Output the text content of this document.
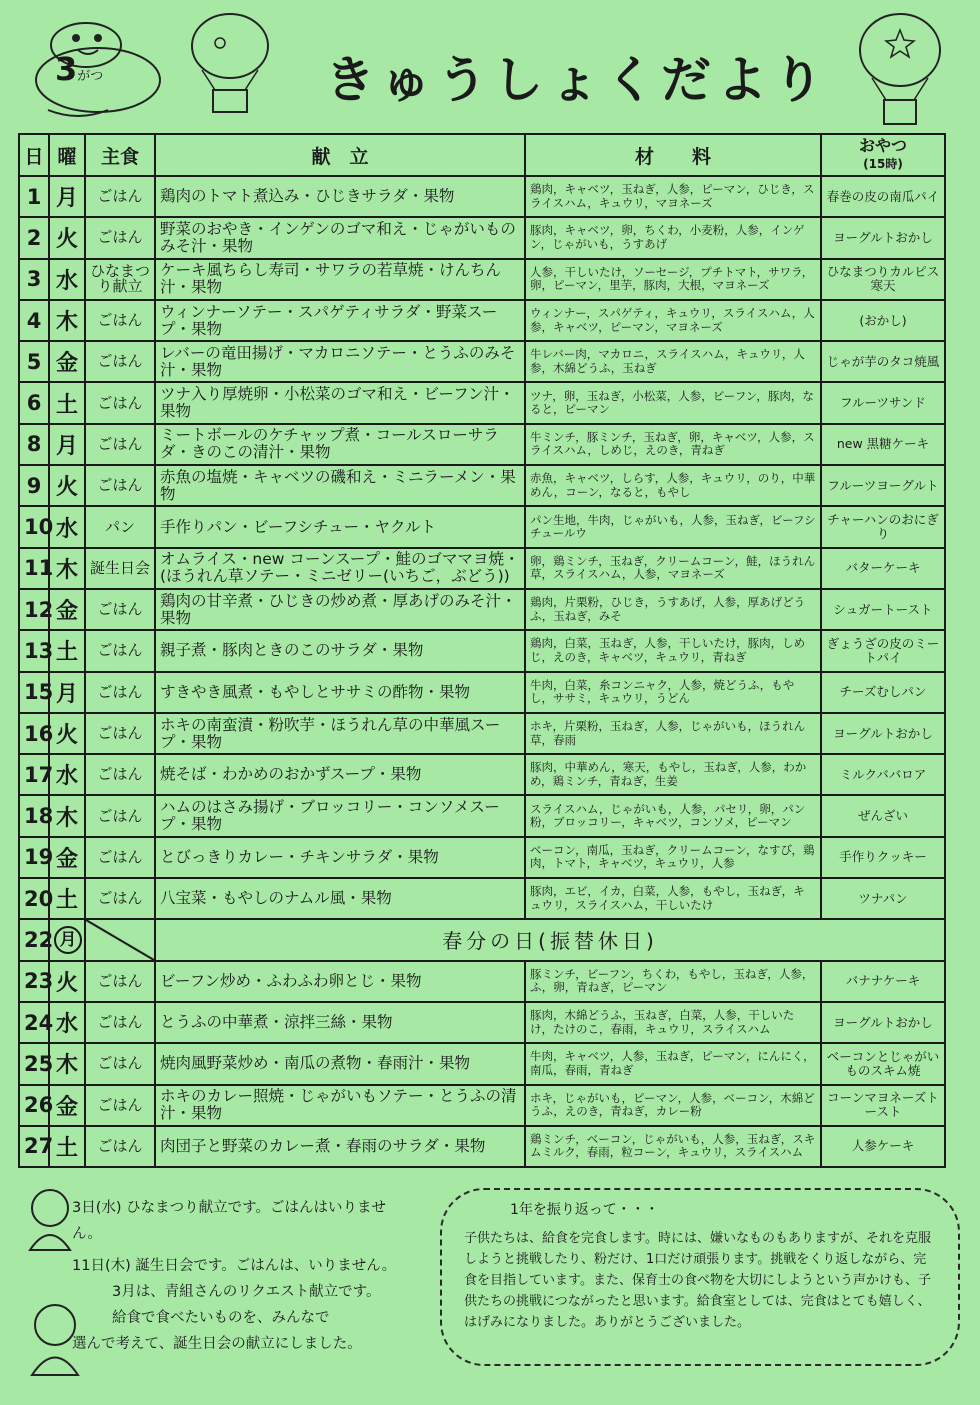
3がつ	きゅうしょくだより
日	曜	主食	献　立	材　　料	おやつ
(15時)
1	月	ごはん	鶏肉のトマト煮込み・ひじきサラダ・果物	鶏肉，キャベツ，玉ねぎ，人参，ピーマン，ひじき，スライスハム，キュウリ，マヨネーズ	春巻の皮の南瓜パイ
2	火	ごはん	野菜のおやき・インゲンのゴマ和え・じゃがいものみそ汁・果物	豚肉，キャベツ，卵，ちくわ，小麦粉，人参，インゲン，じゃがいも，うすあげ	ヨーグルトおかし
3	水	ひなまつり献立	ケーキ風ちらし寿司・サワラの若草焼・けんちん汁・果物	人参，干しいたけ，ソーセージ，プチトマト，サワラ，卵，ピーマン，里芋，豚肉，大根，マヨネーズ	ひなまつりカルピス寒天
4	木	ごはん	ウィンナーソテー・スパゲティサラダ・野菜スープ・果物	ウィンナー，スパゲティ，キュウリ，スライスハム，人参，キャベツ，ピーマン，マヨネーズ	(おかし)
5	金	ごはん	レバーの竜田揚げ・マカロニソテー・とうふのみそ汁・果物	牛レバー肉，マカロニ，スライスハム，キュウリ，人参，木綿どうふ，玉ねぎ	じゃが芋のタコ焼風
6	土	ごはん	ツナ入り厚焼卵・小松菜のゴマ和え・ビーフン汁・果物	ツナ，卵，玉ねぎ，小松菜，人参，ビーフン，豚肉，なると，ピーマン	フルーツサンド
8	月	ごはん	ミートボールのケチャップ煮・コールスローサラダ・きのこの清汁・果物	牛ミンチ，豚ミンチ，玉ねぎ，卵，キャベツ，人参，スライスハム，しめじ，えのき，青ねぎ	new 黒糖ケーキ
9	火	ごはん	赤魚の塩焼・キャベツの磯和え・ミニラーメン・果物	赤魚，キャベツ，しらす，人参，キュウリ，のり，中華めん，コーン，なると，もやし	フルーツヨーグルト
10	水	パン	手作りパン・ビーフシチュー・ヤクルト	パン生地，牛肉，じゃがいも，人参，玉ねぎ，ビーフシチュールウ	チャーハンのおにぎり
11	木	誕生日会	オムライス・new コーンスープ・鮭のゴママヨ焼・(ほうれん草ソテー・ミニゼリー(いちご，ぶどう))	卵，鶏ミンチ，玉ねぎ，クリームコーン，鮭，ほうれん草，スライスハム，人参，マヨネーズ	バターケーキ
12	金	ごはん	鶏肉の甘辛煮・ひじきの炒め煮・厚あげのみそ汁・果物	鶏肉，片栗粉，ひじき，うすあげ，人参，厚あげどうふ，玉ねぎ，みそ	シュガートースト
13	土	ごはん	親子煮・豚肉ときのこのサラダ・果物	鶏肉，白菜，玉ねぎ，人参，干しいたけ，豚肉，しめじ，えのき，キャベツ，キュウリ，青ねぎ	ぎょうざの皮のミートパイ
15	月	ごはん	すきやき風煮・もやしとササミの酢物・果物	牛肉，白菜，糸コンニャク，人参，焼どうふ，もやし，ササミ，キュウリ，うどん	チーズむしパン
16	火	ごはん	ホキの南蛮漬・粉吹芋・ほうれん草の中華風スープ・果物	ホキ，片栗粉，玉ねぎ，人参，じゃがいも，ほうれん草，春雨	ヨーグルトおかし
17	水	ごはん	焼そば・わかめのおかずスープ・果物	豚肉，中華めん，寒天，もやし，玉ねぎ，人参，わかめ，鶏ミンチ，青ねぎ，生姜	ミルクババロア
18	木	ごはん	ハムのはさみ揚げ・ブロッコリー・コンソメスープ・果物	スライスハム，じゃがいも，人参，パセリ，卵，パン粉，ブロッコリー，キャベツ，コンソメ，ピーマン	ぜんざい
19	金	ごはん	とびっきりカレー・チキンサラダ・果物	ベーコン，南瓜，玉ねぎ，クリームコーン，なすび，鶏肉，トマト，キャベツ，キュウリ，人参	手作りクッキー
20	土	ごはん	八宝菜・もやしのナムル風・果物	豚肉，エビ，イカ，白菜，人参，もやし，玉ねぎ，キュウリ，スライスハム，干しいたけ	ツナパン
22	月		春分の日(振替休日)		
23	火	ごはん	ビーフン炒め・ふわふわ卵とじ・果物	豚ミンチ，ビーフン，ちくわ，もやし，玉ねぎ，人参，ふ，卵，青ねぎ，ピーマン	バナナケーキ
24	水	ごはん	とうふの中華煮・涼拌三絲・果物	豚肉，木綿どうふ，玉ねぎ，白菜，人参，干しいたけ，たけのこ，春雨，キュウリ，スライスハム	ヨーグルトおかし
25	木	ごはん	焼肉風野菜炒め・南瓜の煮物・春雨汁・果物	牛肉，キャベツ，人参，玉ねぎ，ピーマン，にんにく，南瓜，春雨，青ねぎ	ベーコンとじゃがいものスキム焼
26	金	ごはん	ホキのカレー照焼・じゃがいもソテー・とうふの清汁・果物	ホキ，じゃがいも，ピーマン，人参，ベーコン，木綿どうふ，えのき，青ねぎ，カレー粉	コーンマヨネーズトースト
27	土	ごはん	肉団子と野菜のカレー煮・春雨のサラダ・果物	鶏ミンチ，ベーコン，じゃがいも，人参，玉ねぎ，スキムミルク，春雨，粒コーン，キュウリ，スライスハム	人参ケーキ

3日(水) ひなまつり献立です。ごはんはいりません。

11日(木) 誕生日会です。ごはんは、いりません。

3月は、青組さんのリクエスト献立です。

給食で食べたいものを、みんなで

選んで考えて、誕生日会の献立にしました。

1年を振り返って・・・
子供たちは、給食を完食します。時には、嫌いなものもありますが、それを克服しようと挑戦したり、粉だけ、1口だけ頑張ります。挑戦をくり返しながら、完食を目指しています。また、保育士の食べ物を大切にしようという声かけも、子供たちの挑戦につながったと思います。給食室としては、完食はとても嬉しく、はげみになりました。ありがとうございました。
